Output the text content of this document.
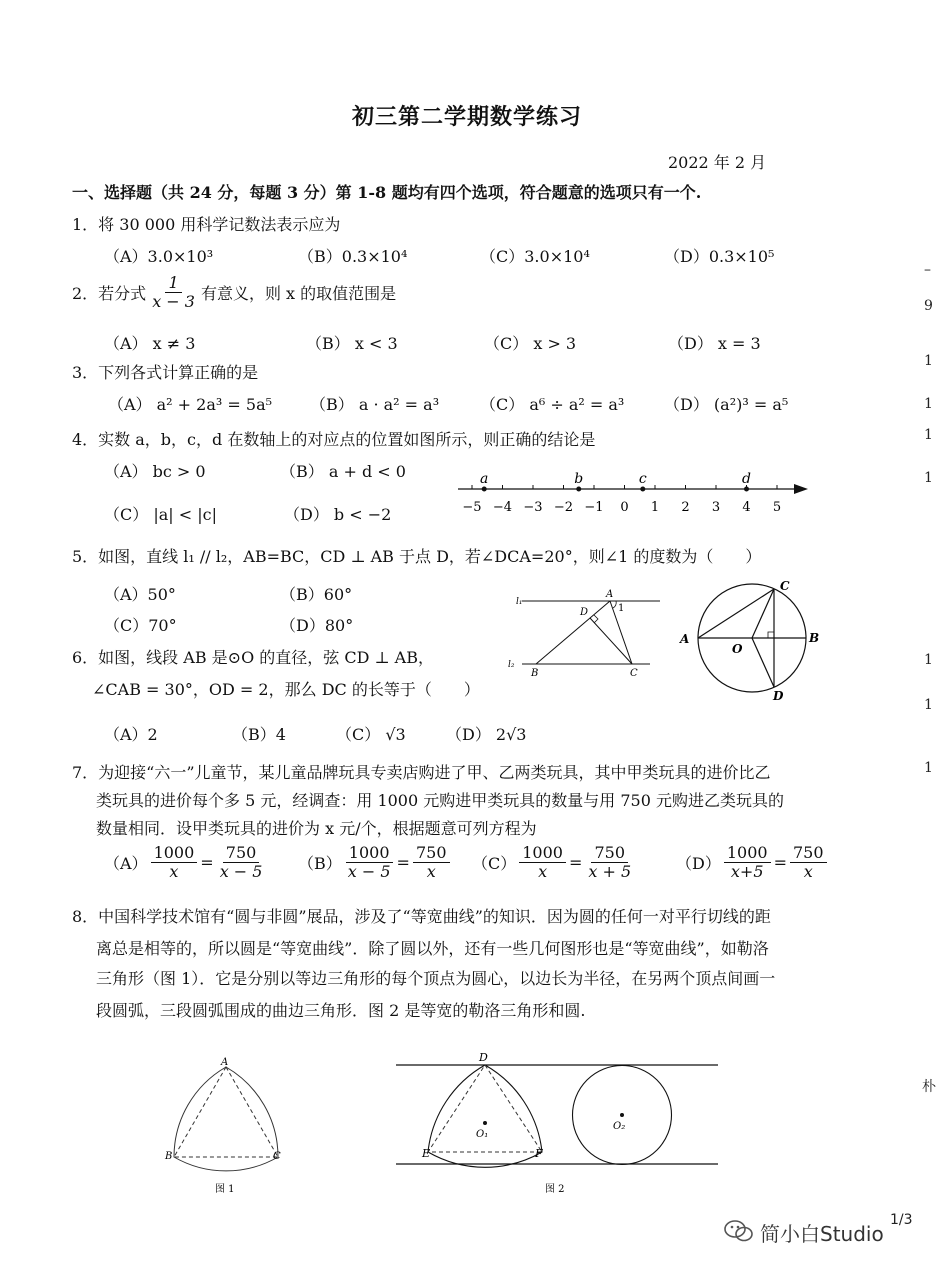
初三第二学期数学练习
2022 年 2 月
一、选择题（共 24 分，每题 3 分）第 1-8 题均有四个选项，符合题意的选项只有一个.
1．将 30 000 用科学记数法表示应为
（A）3.0×10³	（B）0.3×10⁴	（C）3.0×10⁴	（D）0.3×10⁵
2．若分式 $\frac{1}{x - 3}$ 有意义，则 x 的取值范围是
（A） x ≠ 3	（B） x < 3	（C） x > 3	（D） x = 3
3．下列各式计算正确的是
（A） a² + 2a³ = 5a⁵ （B） a · a² = a³	（C） a⁶ ÷ a² = a³ （D） (a²)³ = a⁵
4．实数 a，b，c，d 在数轴上的对应点的位置如图所示，则正确的结论是
（A） bc > 0	（B） a + d < 0
（C） |a| < |c|	（D） b < −2	−5 −4 −3 −2 −1 0 1 2 3 4 5
a	b	c	d
5．如图，直线 l₁ // l₂，AB=BC，CD ⊥ AB 于点 D，若∠DCA=20°，则∠1 的度数为（　　）
（A）50°	（B）60°
（C）70°	（D）80°
l₁
l₂
A
D	1
B	C
A	B
C
D
O
6．如图，线段 AB 是⊙O 的直径，弦 CD ⊥ AB，
∠CAB = 30°，OD = 2，那么 DC 的长等于（　　）
（A）2	（B）4	（C） √3	（D） 2√3
7．为迎接“六一”儿童节，某儿童品牌玩具专卖店购进了甲、乙两类玩具，其中甲类玩具的进价比乙
类玩具的进价每个多 5 元，经调查：用 1000 元购进甲类玩具的数量与用 750 元购进乙类玩具的
数量相同．设甲类玩具的进价为 x 元/个，根据题意可列方程为
$(A) \frac{1000}{x} = \frac{750}{x - 5} (B) \frac{1000}{x - 5} = \frac{750}{x} (C) \frac{1000}{x} = \frac{750}{x + 5}$	$(D) \frac{1000}{x+5} = \frac{750}{x}$
8．中国科学技术馆有“圆与非圆”展品，涉及了“等宽曲线”的知识．因为圆的任何一对平行切线的距
离总是相等的，所以圆是“等宽曲线”．除了圆以外，还有一些几何图形也是“等宽曲线”，如勒洛
三角形（图 1）．它是分别以等边三角形的每个顶点为圆心，以边长为半径，在另两个顶点间画一
段圆弧，三段圆弧围成的曲边三角形．图 2 是等宽的勒洛三角形和圆.
A
B	C
图 1
D
E	F
O₁
O₂
图 2
–
9
1
1
1
1
1
1
1
朴
简小白Studio
1/3
